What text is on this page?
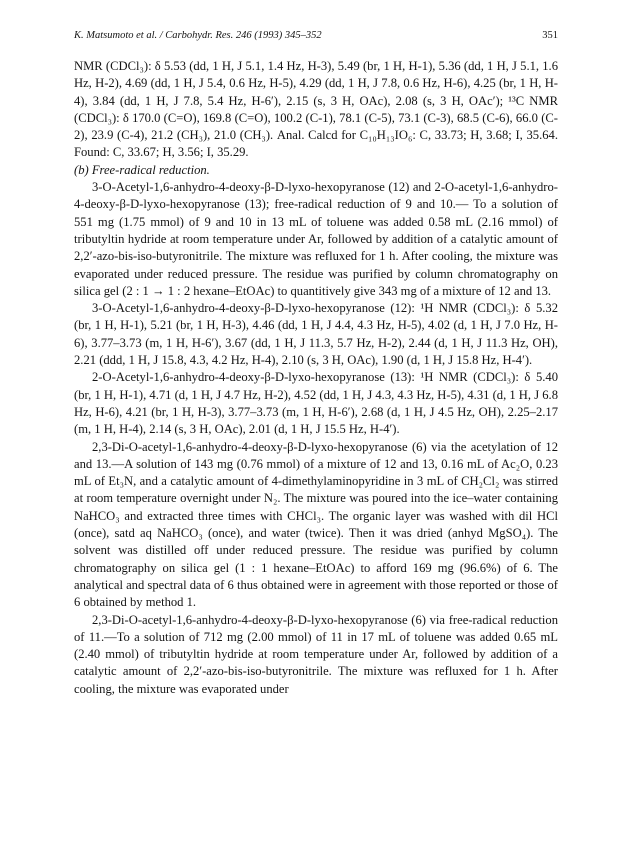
K. Matsumoto et al. / Carbohydr. Res. 246 (1993) 345–352	351

NMR (CDCl₃): δ 5.53 (dd, 1 H, J 5.1, 1.4 Hz, H-3), 5.49 (br, 1 H, H-1), 5.36 (dd, 1 H, J 5.1, 1.6 Hz, H-2), 4.69 (dd, 1 H, J 5.4, 0.6 Hz, H-5), 4.29 (dd, 1 H, J 7.8, 0.6 Hz, H-6), 4.25 (br, 1 H, H-4), 3.84 (dd, 1 H, J 7.8, 5.4 Hz, H-6′), 2.15 (s, 3 H, OAc), 2.08 (s, 3 H, OAc′); ¹³C NMR (CDCl₃): δ 170.0 (C=O), 169.8 (C=O), 100.2 (C-1), 78.1 (C-5), 73.1 (C-3), 68.5 (C-6), 66.0 (C-2), 23.9 (C-4), 21.2 (CH₃), 21.0 (CH₃). Anal. Calcd for C₁₀H₁₃IO₆: C, 33.73; H, 3.68; I, 35.64. Found: C, 33.67; H, 3.56; I, 35.29.

(b) Free-radical reduction.

3-O-Acetyl-1,6-anhydro-4-deoxy-β-D-lyxo-hexopyranose (12) and 2-O-acetyl-1,6-anhydro-4-deoxy-β-D-lyxo-hexopyranose (13); free-radical reduction of 9 and 10.— To a solution of 551 mg (1.75 mmol) of 9 and 10 in 13 mL of toluene was added 0.58 mL (2.16 mmol) of tributyltin hydride at room temperature under Ar, followed by addition of a catalytic amount of 2,2′-azo-bis-iso-butyronitrile. The mixture was refluxed for 1 h. After cooling, the mixture was evaporated under reduced pressure. The residue was purified by column chromatography on silica gel (2 : 1 → 1 : 2 hexane–EtOAc) to quantitively give 343 mg of a mixture of 12 and 13.

3-O-Acetyl-1,6-anhydro-4-deoxy-β-D-lyxo-hexopyranose (12): ¹H NMR (CDCl₃): δ 5.32 (br, 1 H, H-1), 5.21 (br, 1 H, H-3), 4.46 (dd, 1 H, J 4.4, 4.3 Hz, H-5), 4.02 (d, 1 H, J 7.0 Hz, H-6), 3.77–3.73 (m, 1 H, H-6′), 3.67 (dd, 1 H, J 11.3, 5.7 Hz, H-2), 2.44 (d, 1 H, J 11.3 Hz, OH), 2.21 (ddd, 1 H, J 15.8, 4.3, 4.2 Hz, H-4), 2.10 (s, 3 H, OAc), 1.90 (d, 1 H, J 15.8 Hz, H-4′).

2-O-Acetyl-1,6-anhydro-4-deoxy-β-D-lyxo-hexopyranose (13): ¹H NMR (CDCl₃): δ 5.40 (br, 1 H, H-1), 4.71 (d, 1 H, J 4.7 Hz, H-2), 4.52 (dd, 1 H, J 4.3, 4.3 Hz, H-5), 4.31 (d, 1 H, J 6.8 Hz, H-6), 4.21 (br, 1 H, H-3), 3.77–3.73 (m, 1 H, H-6′), 2.68 (d, 1 H, J 4.5 Hz, OH), 2.25–2.17 (m, 1 H, H-4), 2.14 (s, 3 H, OAc), 2.01 (d, 1 H, J 15.5 Hz, H-4′).

2,3-Di-O-acetyl-1,6-anhydro-4-deoxy-β-D-lyxo-hexopyranose (6) via the acetylation of 12 and 13.—A solution of 143 mg (0.76 mmol) of a mixture of 12 and 13, 0.16 mL of Ac₂O, 0.23 mL of Et₃N, and a catalytic amount of 4-dimethylaminopyridine in 3 mL of CH₂Cl₂ was stirred at room temperature overnight under N₂. The mixture was poured into the ice–water containing NaHCO₃ and extracted three times with CHCl₃. The organic layer was washed with dil HCl (once), satd aq NaHCO₃ (once), and water (twice). Then it was dried (anhyd MgSO₄). The solvent was distilled off under reduced pressure. The residue was purified by column chromatography on silica gel (1 : 1 hexane–EtOAc) to afford 169 mg (96.6%) of 6. The analytical and spectral data of 6 thus obtained were in agreement with those reported or those of 6 obtained by method 1.

2,3-Di-O-acetyl-1,6-anhydro-4-deoxy-β-D-lyxo-hexopyranose (6) via free-radical reduction of 11.—To a solution of 712 mg (2.00 mmol) of 11 in 17 mL of toluene was added 0.65 mL (2.40 mmol) of tributyltin hydride at room temperature under Ar, followed by addition of a catalytic amount of 2,2′-azo-bis-iso-butyronitrile. The mixture was refluxed for 1 h. After cooling, the mixture was evaporated under
